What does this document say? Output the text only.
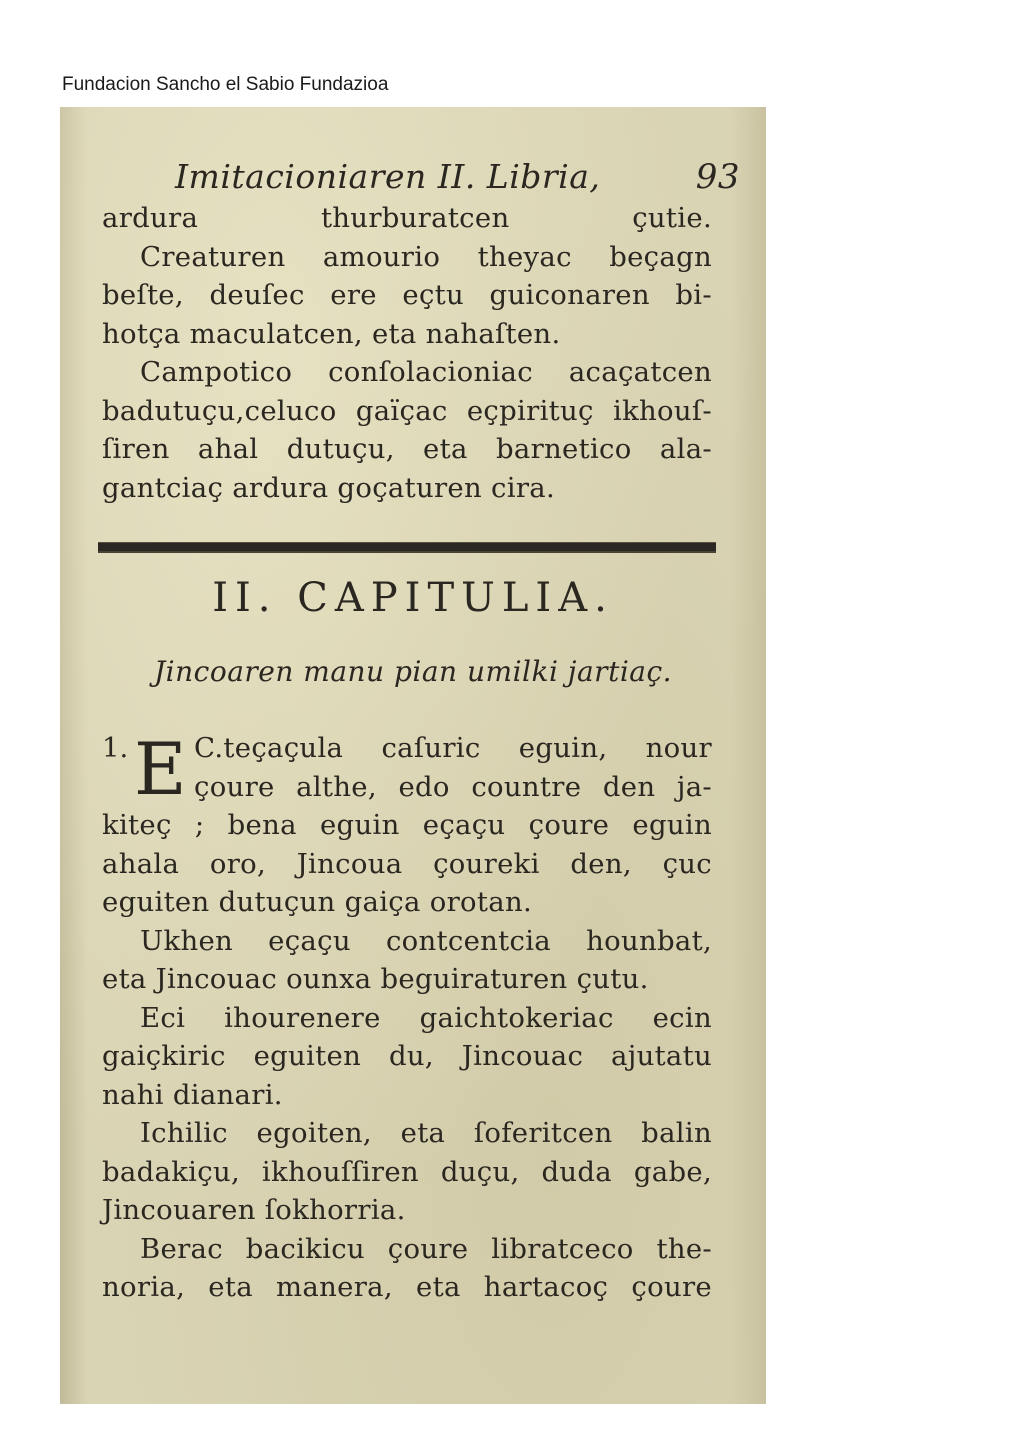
Fundacion Sancho el Sabio Fundazioa
Imitacioniaren II. Libria,	93
ardura thurburatcen çutie.
Creaturen amourio theyac beçagn
beſte, deuſec ere eçtu guiconaren bi-
hotça maculatcen, eta nahaſten.
Campotico conſolacioniac acaçatcen
badutuçu,celuco gaïçac eçpirituç ikhouſ-
ſiren ahal dutuçu, eta barnetico ala-
gantciaç ardura goçaturen cira.
II. CAPITULIA.
Jincoaren manu pian umilki jartiaç.
1. E C.teçaçula caſuric eguin, nour
çoure althe, edo countre den ja-
kiteç ; bena eguin eçaçu çoure eguin
ahala oro, Jincoua çoureki den, çuc
eguiten dutuçun gaiça orotan.
Ukhen eçaçu contcentcia hounbat,
eta Jincouac ounxa beguiraturen çutu.
Eci ihourenere gaichtokeriac ecin
gaiçkiric eguiten du, Jincouac ajutatu
nahi dianari.
Ichilic egoiten, eta ſoferitcen balin
badakiçu, ikhouſſiren duçu, duda gabe,
Jincouaren ſokhorria.
Berac bacikicu çoure libratceco the-
noria, eta manera, eta hartacoç çoure
